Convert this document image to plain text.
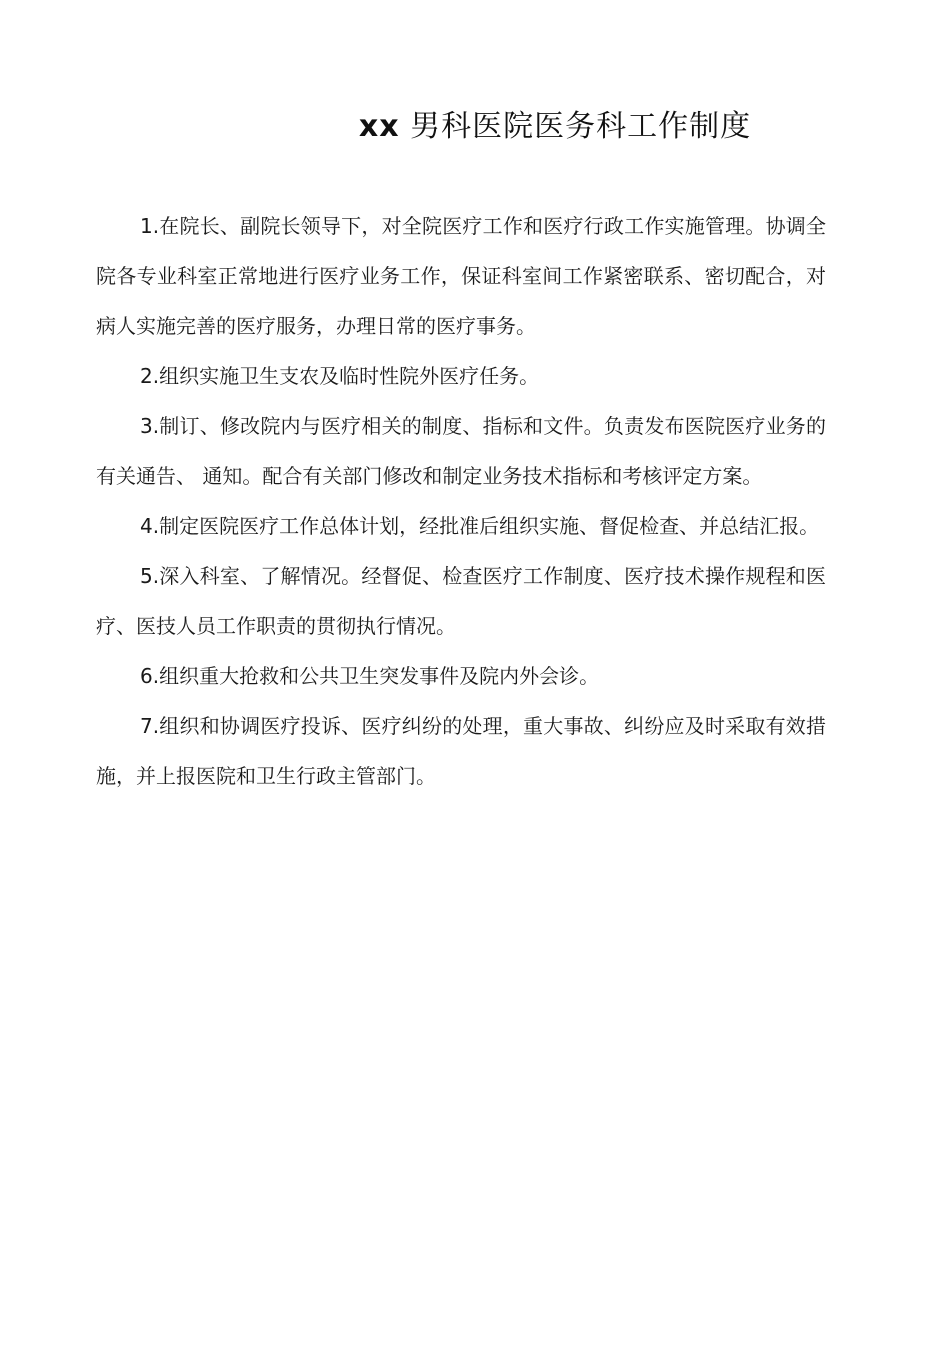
xx 男科医院医务科工作制度

1.在院长、副院长领导下，对全院医疗工作和医疗行政工作实施管理。协调全院各专业科室正常地进行医疗业务工作，保证科室间工作紧密联系、密切配合，对病人实施完善的医疗服务，办理日常的医疗事务。

2.组织实施卫生支农及临时性院外医疗任务。

3.制订、修改院内与医疗相关的制度、指标和文件。负责发布医院医疗业务的有关通告、 通知。配合有关部门修改和制定业务技术指标和考核评定方案。

4.制定医院医疗工作总体计划，经批准后组织实施、督促检查、并总结汇报。

5.深入科室、了解情况。经督促、检查医疗工作制度、医疗技术操作规程和医疗、医技人员工作职责的贯彻执行情况。

6.组织重大抢救和公共卫生突发事件及院内外会诊。

7.组织和协调医疗投诉、医疗纠纷的处理，重大事故、纠纷应及时采取有效措施，并上报医院和卫生行政主管部门。
